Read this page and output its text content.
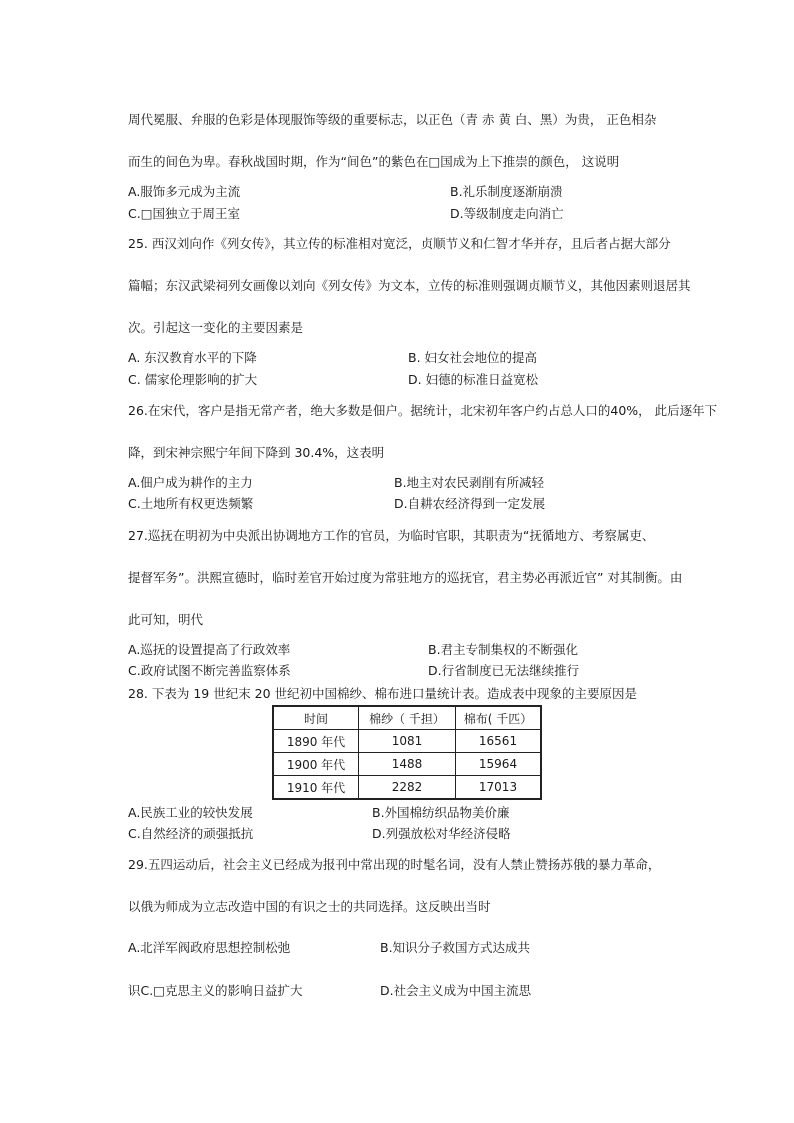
周代冕服、弁服的色彩是体现服饰等级的重要标志，以正色（青 赤 黄 白、黑）为贵， 正色相杂
而生的间色为卑。春秋战国时期，作为“间色”的紫色在□国成为上下推崇的颜色， 这说明
A.服饰多元成为主流	B.礼乐制度逐渐崩溃
C.□国独立于周王室	D.等级制度走向消亡
25. 西汉刘向作《列女传》，其立传的标准相对宽泛，贞顺节义和仁智才华并存，且后者占据大部分
篇幅；东汉武梁祠列女画像以刘向《列女传》为文本，立传的标准则强调贞顺节义，其他因素则退居其
次。引起这一变化的主要因素是
A. 东汉教育水平的下降	B. 妇女社会地位的提高
C. 儒家伦理影响的扩大	D. 妇德的标准日益宽松
26.在宋代，客户是指无常产者，绝大多数是佃户。据统计，北宋初年客户约占总人口的40%， 此后逐年下
降，到宋神宗熙宁年间下降到 30.4%，这表明
A.佃户成为耕作的主力	B.地主对农民剥削有所减轻
C.土地所有权更迭频繁	D.自耕农经济得到一定发展
27.巡抚在明初为中央派出协调地方工作的官员，为临时官职，其职责为“抚循地方、考察属吏、
提督军务”。洪熙宣德时，临时差官开始过度为常驻地方的巡抚官，君主势必再派近官” 对其制衡。由
此可知，明代
A.巡抚的设置提高了行政效率	B.君主专制集权的不断强化
C.政府试图不断完善监察体系	D.行省制度已无法继续推行
28. 下表为 19 世纪末 20 世纪初中国棉纱、棉布进口量统计表。造成表中现象的主要原因是
时间	棉纱（ 千担）	棉布( 千匹）
1890 年代	1081	16561
1900 年代	1488	15964
1910 年代	2282	17013
A.民族工业的较快发展	B.外国棉纺织品物美价廉
C.自然经济的顽强抵抗	D.列强放松对华经济侵略
29.五四运动后，社会主义已经成为报刊中常出现的时髦名词，没有人禁止赞扬苏俄的暴力革命，
以俄为师成为立志改造中国的有识之士的共同选择。这反映出当时
A.北洋军阀政府思想控制松弛	B.知识分子救国方式达成共
识C.□克思主义的影响日益扩大	D.社会主义成为中国主流思
